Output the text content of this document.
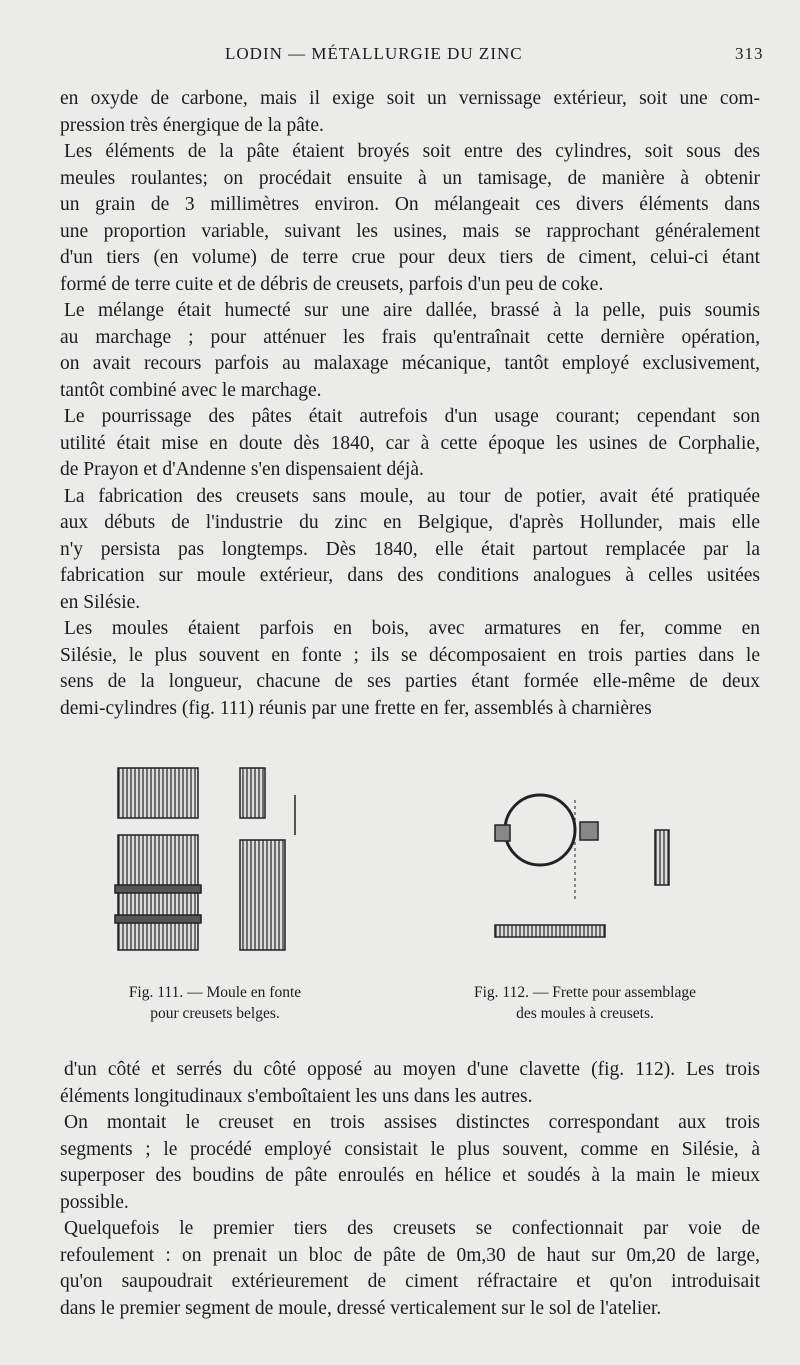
LODIN — MÉTALLURGIE DU ZINC	313
en oxyde de carbone, mais il exige soit un vernissage extérieur, soit une com-
pression très énergique de la pâte.
Les éléments de la pâte étaient broyés soit entre des cylindres, soit sous des
meules roulantes; on procédait ensuite à un tamisage, de manière à obtenir
un grain de 3 millimètres environ. On mélangeait ces divers éléments dans
une proportion variable, suivant les usines, mais se rapprochant généralement
d'un tiers (en volume) de terre crue pour deux tiers de ciment, celui-ci étant
formé de terre cuite et de débris de creusets, parfois d'un peu de coke.
Le mélange était humecté sur une aire dallée, brassé à la pelle, puis soumis
au marchage ; pour atténuer les frais qu'entraînait cette dernière opération,
on avait recours parfois au malaxage mécanique, tantôt employé exclusivement,
tantôt combiné avec le marchage.
Le pourrissage des pâtes était autrefois d'un usage courant; cependant son
utilité était mise en doute dès 1840, car à cette époque les usines de Corphalie,
de Prayon et d'Andenne s'en dispensaient déjà.
La fabrication des creusets sans moule, au tour de potier, avait été pratiquée
aux débuts de l'industrie du zinc en Belgique, d'après Hollunder, mais elle
n'y persista pas longtemps. Dès 1840, elle était partout remplacée par la
fabrication sur moule extérieur, dans des conditions analogues à celles usitées
en Silésie.
Les moules étaient parfois en bois, avec armatures en fer, comme en
Silésie, le plus souvent en fonte ; ils se décomposaient en trois parties dans le
sens de la longueur, chacune de ses parties étant formée elle-même de deux
demi-cylindres (fig. 111) réunis par une frette en fer, assemblés à charnières
Fig. 111. — Moule en fonte
pour creusets belges.
Fig. 112. — Frette pour assemblage
des moules à creusets.
d'un côté et serrés du côté opposé au moyen d'une clavette (fig. 112). Les trois
éléments longitudinaux s'emboîtaient les uns dans les autres.
On montait le creuset en trois assises distinctes correspondant aux trois
segments ; le procédé employé consistait le plus souvent, comme en Silésie, à
superposer des boudins de pâte enroulés en hélice et soudés à la main le mieux
possible.
Quelquefois le premier tiers des creusets se confectionnait par voie de
refoulement : on prenait un bloc de pâte de 0m,30 de haut sur 0m,20 de large,
qu'on saupoudrait extérieurement de ciment réfractaire et qu'on introduisait
dans le premier segment de moule, dressé verticalement sur le sol de l'atelier.
